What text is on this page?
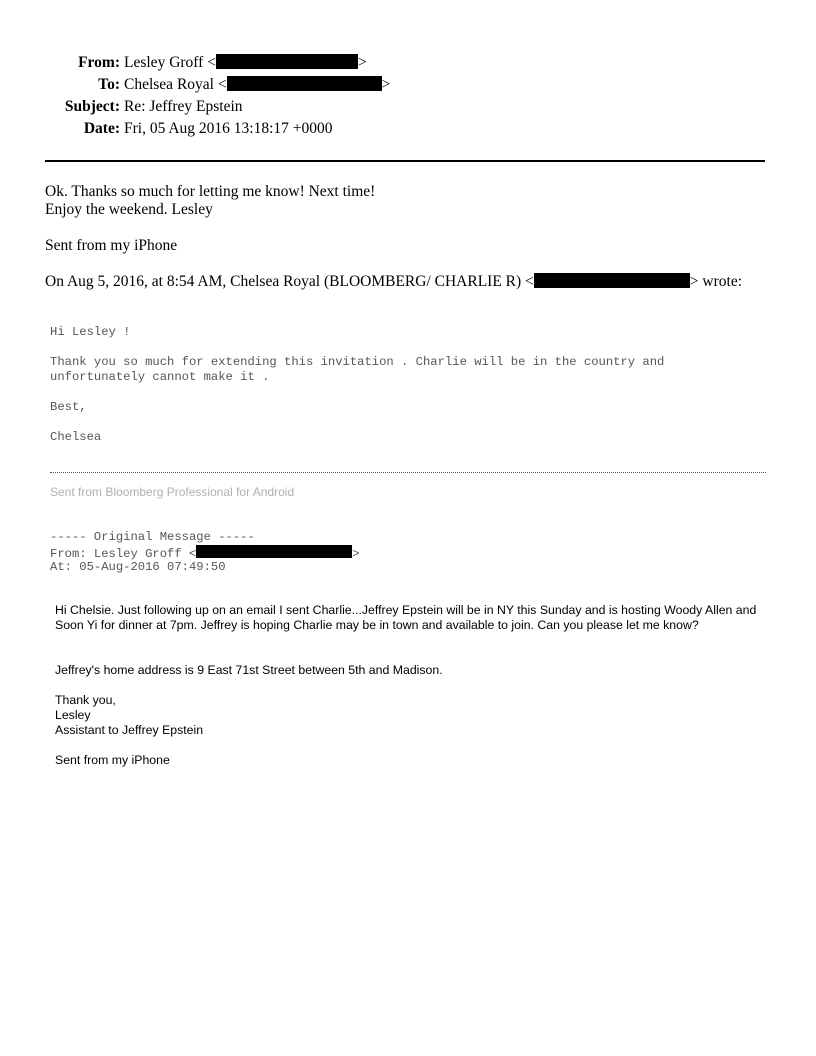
From: Lesley Groff <	>
To: Chelsea Royal <	>
Subject: Re: Jeffrey Epstein
Date: Fri, 05 Aug 2016 13:18:17 +0000
Ok. Thanks so much for letting me know! Next time!
Enjoy the weekend. Lesley
Sent from my iPhone
On Aug 5, 2016, at 8:54 AM, Chelsea Royal (BLOOMBERG/ CHARLIE R) <	> wrote:
Hi Lesley !
Thank you so much for extending this invitation . Charlie will be in the country and
unfortunately cannot make it .
Best,
Chelsea
Sent from Bloomberg Professional for Android
----- Original Message -----
From: Lesley Groff <	>
At: 05-Aug-2016 07:49:50
Hi Chelsie. Just following up on an email I sent Charlie...Jeffrey Epstein will be in NY this Sunday and is hosting Woody Allen and Soon Yi for dinner at 7pm. Jeffrey is hoping Charlie may be in town and available to join. Can you please let me know?
Jeffrey's home address is 9 East 71st Street between 5th and Madison.
Thank you,
Lesley
Assistant to Jeffrey Epstein
Sent from my iPhone
